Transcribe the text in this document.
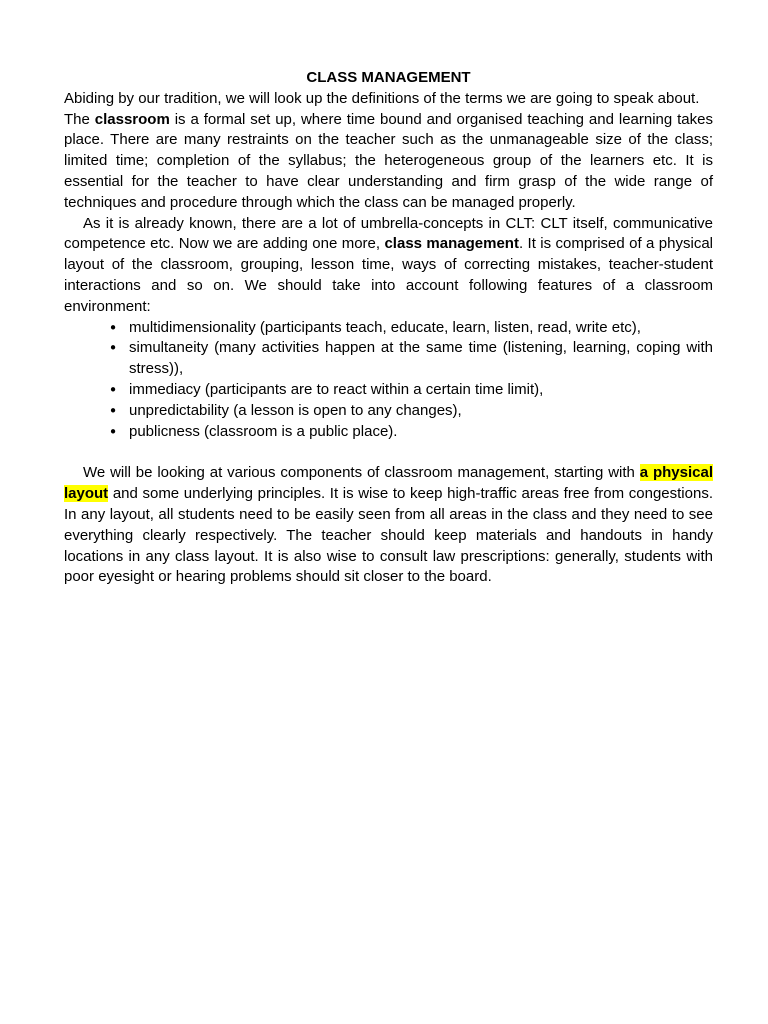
CLASS MANAGEMENT

Abiding by our tradition, we will look up the definitions of the terms we are going to speak about.

The classroom is a formal set up, where time bound and organised teaching and learning takes place. There are many restraints on the teacher such as the unmanageable size of the class; limited time; completion of the syllabus; the heterogeneous group of the learners etc. It is essential for the teacher to have clear understanding and firm grasp of the wide range of techniques and procedure through which the class can be managed properly.

As it is already known, there are a lot of umbrella-concepts in CLT: CLT itself, communicative competence etc. Now we are adding one more, class management. It is comprised of a physical layout of the classroom, grouping, lesson time, ways of correcting mistakes, teacher-student interactions and so on. We should take into account following features of a classroom environment:

• multidimensionality (participants teach, educate, learn, listen, read, write etc),
• simultaneity (many activities happen at the same time (listening, learning, coping with stress)),
• immediacy (participants are to react within a certain time limit),
• unpredictability (a lesson is open to any changes),
• publicness (classroom is a public place).

We will be looking at various components of classroom management, starting with a physical layout and some underlying principles. It is wise to keep high-traffic areas free from congestions. In any layout, all students need to be easily seen from all areas in the class and they need to see everything clearly respectively. The teacher should keep materials and handouts in handy locations in any class layout. It is also wise to consult law prescriptions: generally, students with poor eyesight or hearing problems should sit closer to the board.
